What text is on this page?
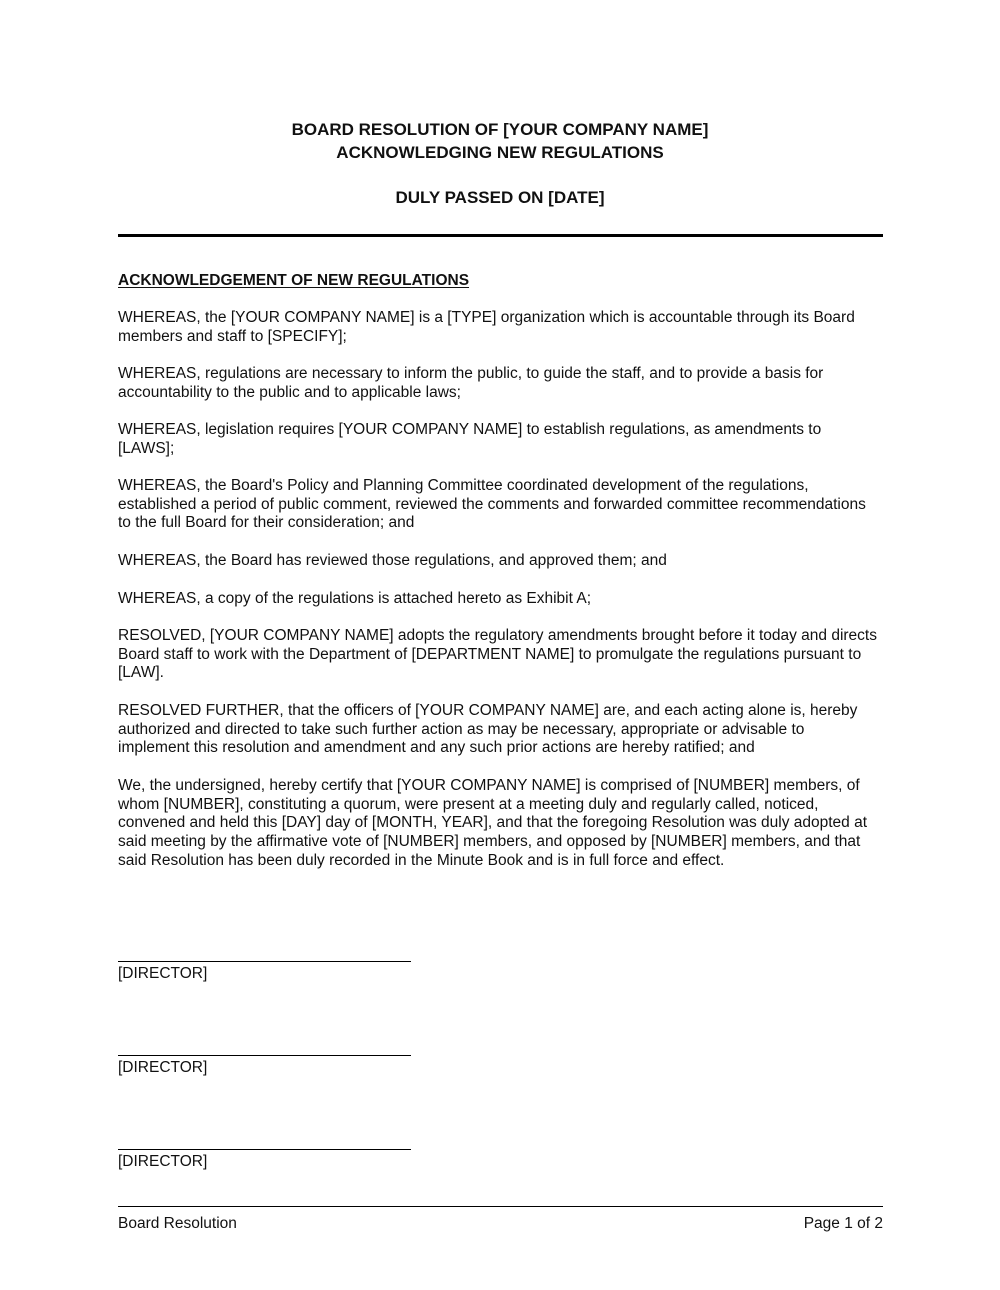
BOARD RESOLUTION OF [YOUR COMPANY NAME]
ACKNOWLEDGING NEW REGULATIONS
DULY PASSED ON [DATE]
ACKNOWLEDGEMENT OF NEW REGULATIONS
WHEREAS, the [YOUR COMPANY NAME] is a [TYPE] organization which is accountable through its Board members and staff to [SPECIFY];
WHEREAS, regulations are necessary to inform the public, to guide the staff, and to provide a basis for accountability to the public and to applicable laws;
WHEREAS, legislation requires [YOUR COMPANY NAME] to establish regulations, as amendments to [LAWS];
WHEREAS, the Board's Policy and Planning Committee coordinated development of the regulations, established a period of public comment, reviewed the comments and forwarded committee recommendations to the full Board for their consideration; and
WHEREAS, the Board has reviewed those regulations, and approved them; and
WHEREAS, a copy of the regulations is attached hereto as Exhibit A;
RESOLVED, [YOUR COMPANY NAME] adopts the regulatory amendments brought before it today and directs Board staff to work with the Department of [DEPARTMENT NAME] to promulgate the regulations pursuant to [LAW].
RESOLVED FURTHER, that the officers of [YOUR COMPANY NAME] are, and each acting alone is, hereby authorized and directed to take such further action as may be necessary, appropriate or advisable to implement this resolution and amendment and any such prior actions are hereby ratified; and
We, the undersigned, hereby certify that [YOUR COMPANY NAME] is comprised of [NUMBER] members, of whom [NUMBER], constituting a quorum, were present at a meeting duly and regularly called, noticed, convened and held this [DAY] day of [MONTH, YEAR], and that the foregoing Resolution was duly adopted at said meeting by the affirmative vote of [NUMBER] members, and opposed by [NUMBER] members, and that said Resolution has been duly recorded in the Minute Book and is in full force and effect.
[DIRECTOR]
[DIRECTOR]
[DIRECTOR]
Board Resolution	Page 1 of 2
